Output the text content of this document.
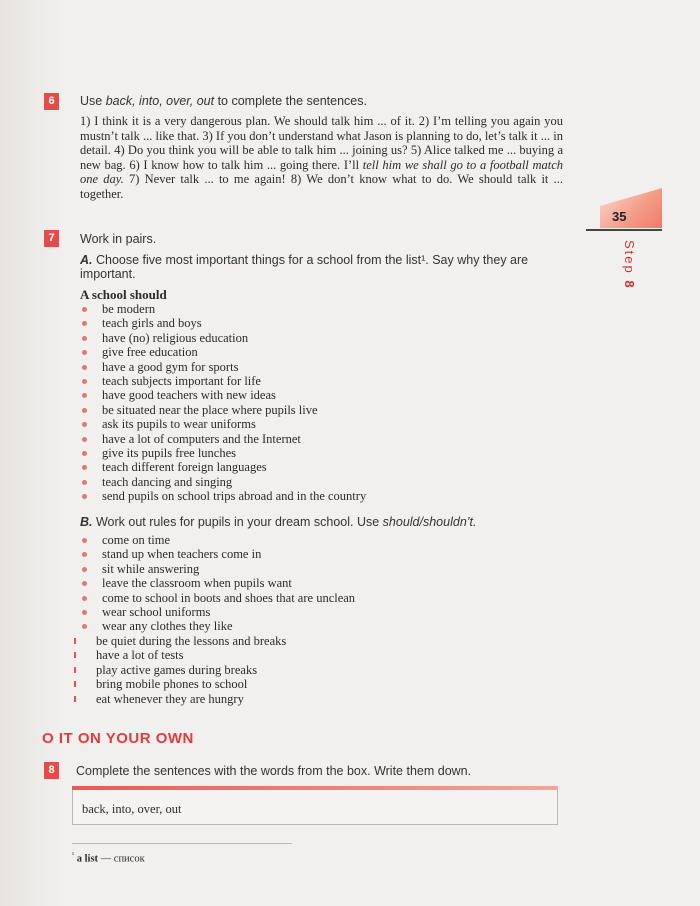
6	Use back, into, over, out to complete the sentences.
1) I think it is a very dangerous plan. We should talk him ... of it. 2) I’m telling you again you mustn’t talk ... like that. 3) If you don’t understand what Jason is planning to do, let’s talk it ... in detail. 4) Do you think you will be able to talk him ... joining us? 5) Alice talked me ... buying a new bag. 6) I know how to talk him ... going there. I’ll tell him we shall go to a football match one day. 7) Never talk ... to me again! 8) We don’t know what to do. We should talk it ... together.
35
Step 8
7	Work in pairs.
A. Choose five most important things for a school from the list¹. Say why they are important.
A school should
be modern
teach girls and boys
have (no) religious education
give free education
have a good gym for sports
teach subjects important for life
have good teachers with new ideas
be situated near the place where pupils live
ask its pupils to wear uniforms
have a lot of computers and the Internet
give its pupils free lunches
teach different foreign languages
teach dancing and singing
send pupils on school trips abroad and in the country
B. Work out rules for pupils in your dream school. Use should/shouldn’t.
come on time
stand up when teachers come in
sit while answering
leave the classroom when pupils want
come to school in boots and shoes that are unclean
wear school uniforms
wear any clothes they like
be quiet during the lessons and breaks
have a lot of tests
play active games during breaks
bring mobile phones to school
eat whenever they are hungry
O IT ON YOUR OWN
8	Complete the sentences with the words from the box. Write them down.
back, into, over, out
$^{^1}$ a list — список
